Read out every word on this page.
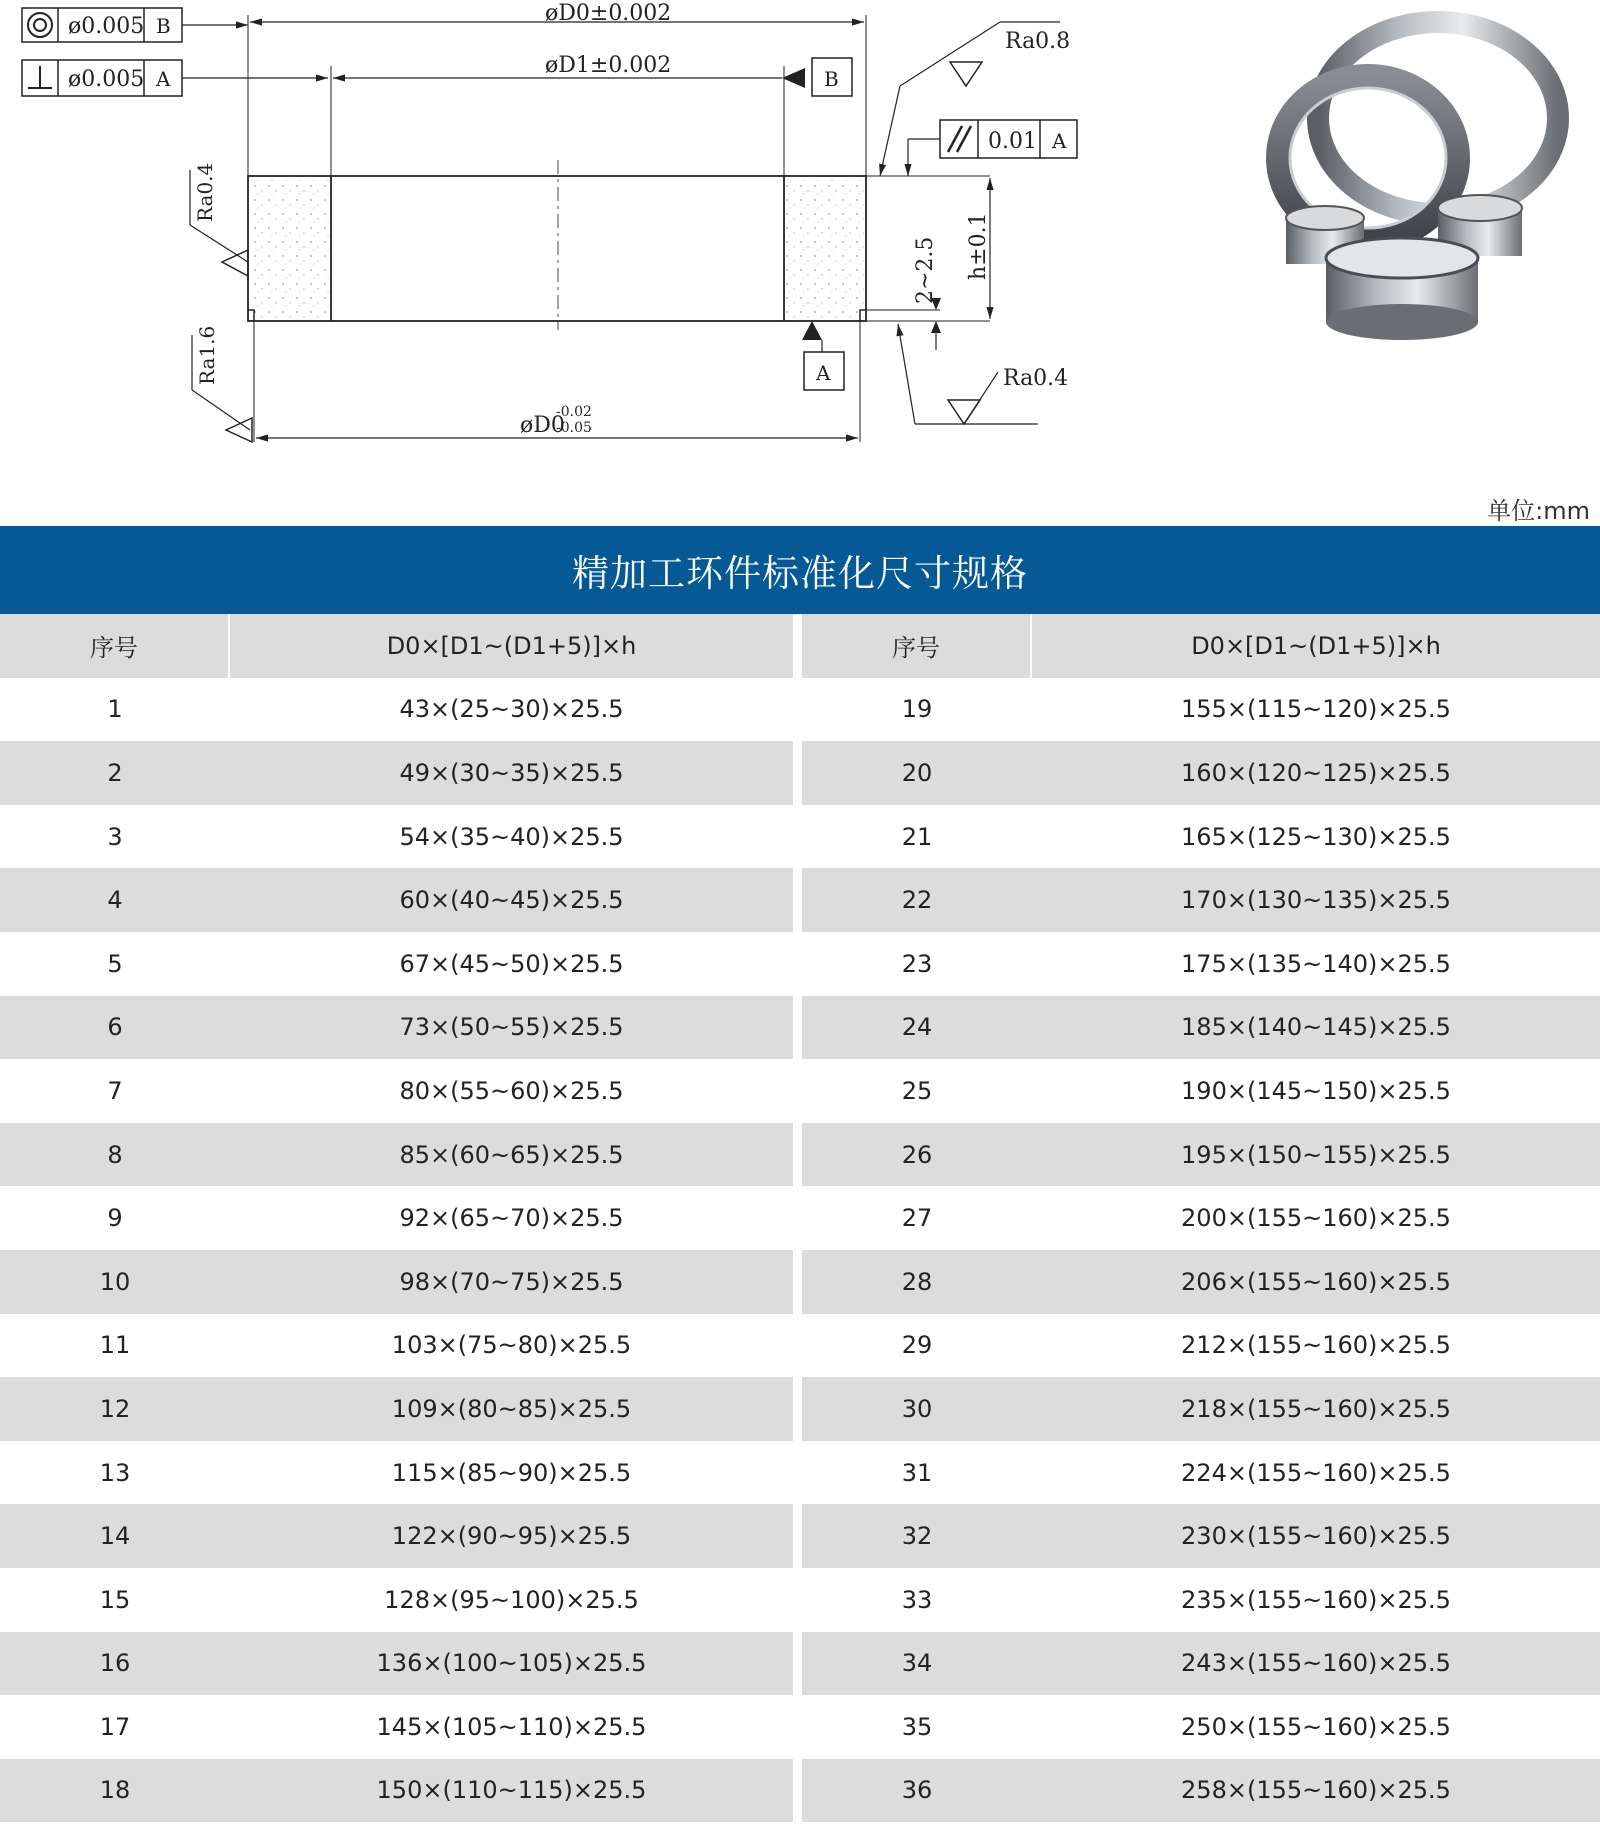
ø0.005 B
ø0.005 A
øD0±0.002
øD1±0.002
B
A
h±0.1
2~2.5
0.01 A
Ra0.8
Ra0.4
Ra0.4
Ra1.6
øD0
-0.02
-0.05
单位:mm
精加工环件标准化尺寸规格
序号	D0×[D1~(D1+5)]×h	序号	D0×[D1~(D1+5)]×h
1	43×(25~30)×25.5	19	155×(115~120)×25.5
2	49×(30~35)×25.5	20	160×(120~125)×25.5
3	54×(35~40)×25.5	21	165×(125~130)×25.5
4	60×(40~45)×25.5	22	170×(130~135)×25.5
5	67×(45~50)×25.5	23	175×(135~140)×25.5
6	73×(50~55)×25.5	24	185×(140~145)×25.5
7	80×(55~60)×25.5	25	190×(145~150)×25.5
8	85×(60~65)×25.5	26	195×(150~155)×25.5
9	92×(65~70)×25.5	27	200×(155~160)×25.5
10	98×(70~75)×25.5	28	206×(155~160)×25.5
11	103×(75~80)×25.5	29	212×(155~160)×25.5
12	109×(80~85)×25.5	30	218×(155~160)×25.5
13	115×(85~90)×25.5	31	224×(155~160)×25.5
14	122×(90~95)×25.5	32	230×(155~160)×25.5
15	128×(95~100)×25.5	33	235×(155~160)×25.5
16	136×(100~105)×25.5	34	243×(155~160)×25.5
17	145×(105~110)×25.5	35	250×(155~160)×25.5
18	150×(110~115)×25.5	36	258×(155~160)×25.5
